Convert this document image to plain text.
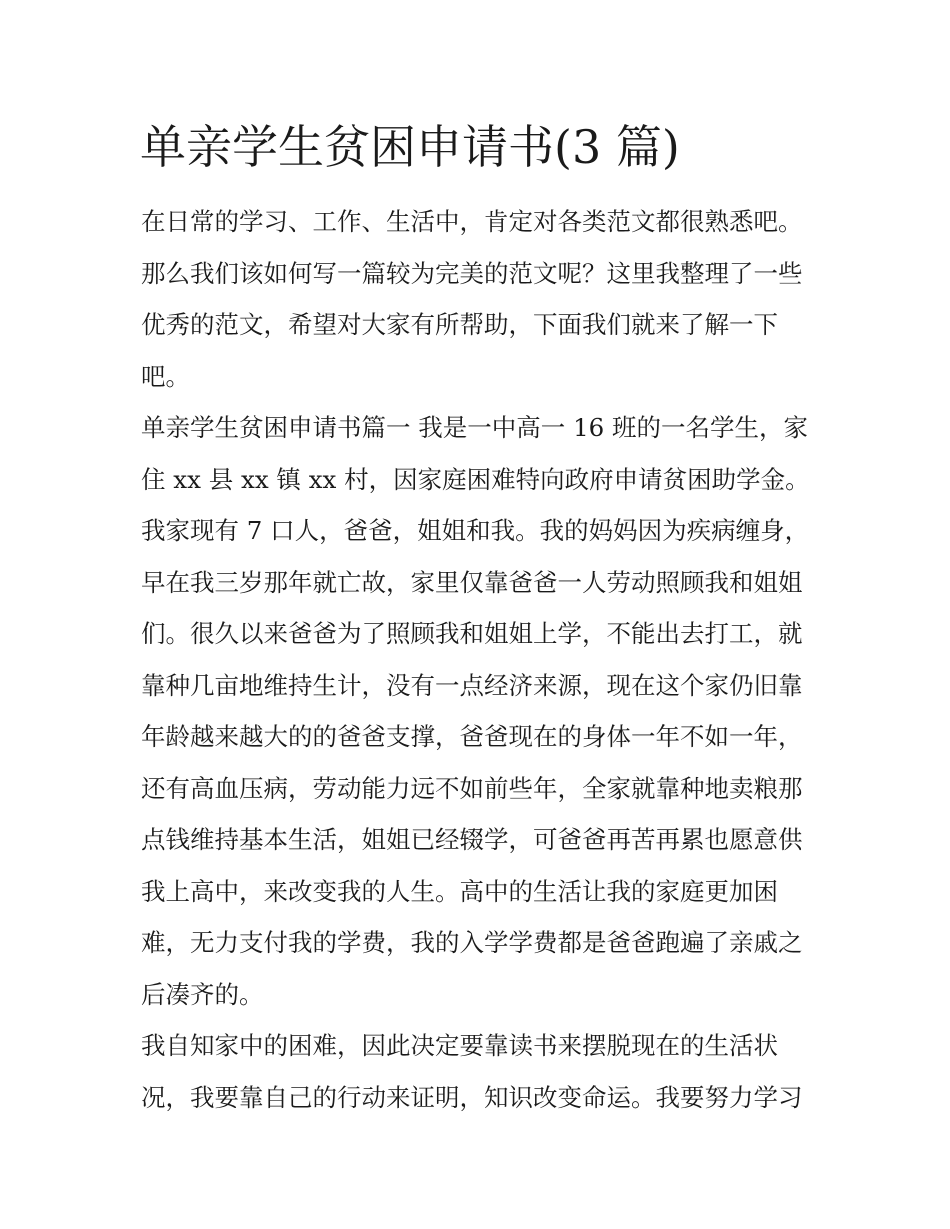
单亲学生贫困申请书(3 篇)
在日常的学习、工作、生活中，肯定对各类范文都很熟悉吧。
那么我们该如何写一篇较为完美的范文呢？这里我整理了一些
优秀的范文，希望对大家有所帮助，下面我们就来了解一下
吧。
单亲学生贫困申请书篇一 我是一中高一 16 班的一名学生，家
住 xx 县 xx 镇 xx 村，因家庭困难特向政府申请贫困助学金。
我家现有 7 口人，爸爸，姐姐和我。我的妈妈因为疾病缠身，
早在我三岁那年就亡故，家里仅靠爸爸一人劳动照顾我和姐姐
们。很久以来爸爸为了照顾我和姐姐上学，不能出去打工，就
靠种几亩地维持生计，没有一点经济来源，现在这个家仍旧靠
年龄越来越大的的爸爸支撑，爸爸现在的身体一年不如一年，
还有高血压病，劳动能力远不如前些年，全家就靠种地卖粮那
点钱维持基本生活，姐姐已经辍学，可爸爸再苦再累也愿意供
我上高中，来改变我的人生。高中的生活让我的家庭更加困
难，无力支付我的学费，我的入学学费都是爸爸跑遍了亲戚之
后凑齐的。
我自知家中的困难，因此决定要靠读书来摆脱现在的生活状
况，我要靠自己的行动来证明，知识改变命运。我要努力学习
